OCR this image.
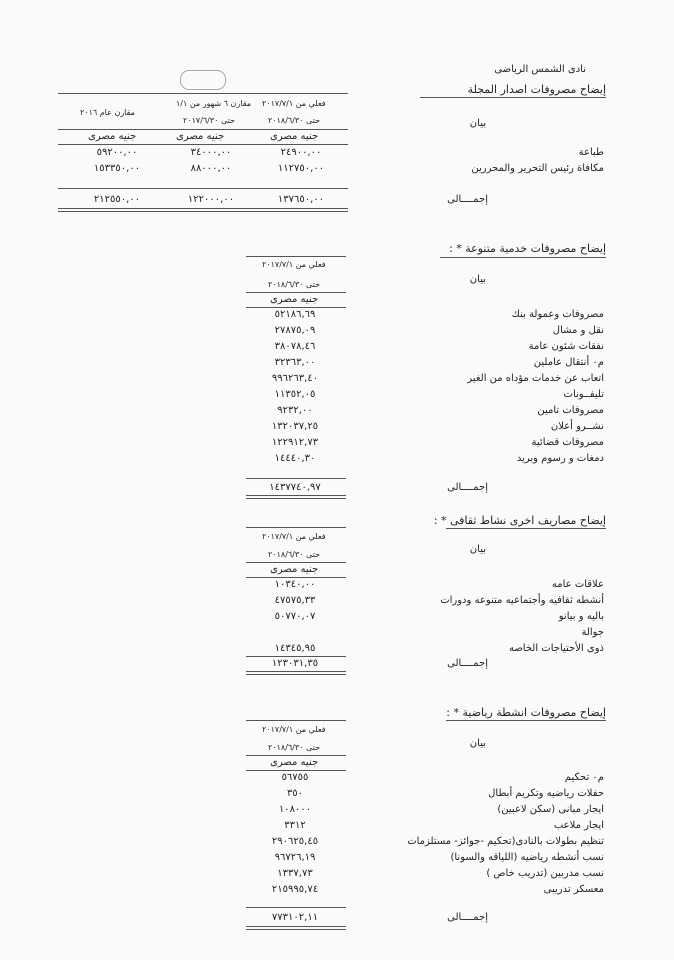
نادى الشمس الرياضى
إيضاح مصروفات اصدار المجلة
فعلي من ٢٠١٧/٧/١
مقارن ٦ شهور من ١/١
مقارن عام ٢٠١٦
حتى ٢٠١٨/٦/٣٠
حتى ٢٠١٧/٦/٣٠	بيان
جنيه مصرى
جنيه مصرى
جنيه مصرى
طباعة
٢٤٩٠٠,٠٠
٣٤٠٠٠,٠٠
٥٩٢٠٠,٠٠
مكافاة رئيس التحرير والمحررين
١١٢٧٥٠,٠٠
٨٨٠٠٠,٠٠
١٥٣٣٥٠,٠٠
إجمــــالى
١٣٧٦٥٠,٠٠
١٢٢٠٠٠,٠٠
٢١٢٥٥٠,٠٠
إيضاح مصروفات خدمية متنوعة * :
فعلي من ٢٠١٧/٧/١
بيان
حتى ٢٠١٨/٦/٣٠
جنيه مصرى
مصروفات وعمولة بنك
٥٢١٨٦,٦٩
نقل و مشال
٢٧٨٧٥,٠٩
نفقات شئون عامة
٣٨٠٧٨,٤٦
م٠ أنتقال عاملين
٣٢٣٦٣,٠٠
اتعاب عن خدمات مؤداه من الغير
٩٩٦٢٦٣,٤٠
تليفــونات
١١٣٥٢,٠٥
مصروفات تامين
٩٢٣٢,٠٠
نشــرو أعلان
١٣٢٠٣٧,٢٥
مصروفات قضائية
١٢٢٩١٢,٧٣
دمغات و رسوم وبريد
١٤٤٤٠,٣٠
إجمــــالى
١٤٣٧٧٤٠,٩٧
إيضاح مصاريف اخرى نشاط ثقافى * :
فعلي من ٢٠١٧/٧/١
بيان
حتى ٢٠١٨/٦/٣٠
جنيه مصرى
علاقات عامه
١٠٣٤٠,٠٠
أنشطه ثقافيه وأجتماعيه متنوعه ودورات
٤٧٥٧٥,٣٣
باليه و بيانو
٥٠٧٧٠,٠٧
جوالة
ذوى الأحتياجات الخاصه
١٤٣٤٥,٩٥
إجمــــالى
١٢٣٠٣١,٣٥
إيضاح مصروفات انشطة رياضية * :
فعلي من ٢٠١٧/٧/١
بيان
حتى ٢٠١٨/٦/٣٠
جنيه مصرى
م٠ تحكيم
٥٦٧٥٥
حفلات رياضيه وتكريم أبطال
٣٥٠
ايجار مبانى (سكن لاعبين)
١٠٨٠٠٠
ايجار ملاعب
٣٣١٢
تنظيم بطولات بالنادى(تحكيم -جوائز- مستلزمات
٢٩٠٦٢٥,٤٥
نسب أنشطه رياضيه (اللياقه والسونا)
٩٦٧٢٦,١٩
نسب مدربين (تدريب خاص )
١٣٣٧,٧٣
معسكر تدريبى
٢١٥٩٩٥,٧٤
إجمــــالى
٧٧٣١٠٢,١١
